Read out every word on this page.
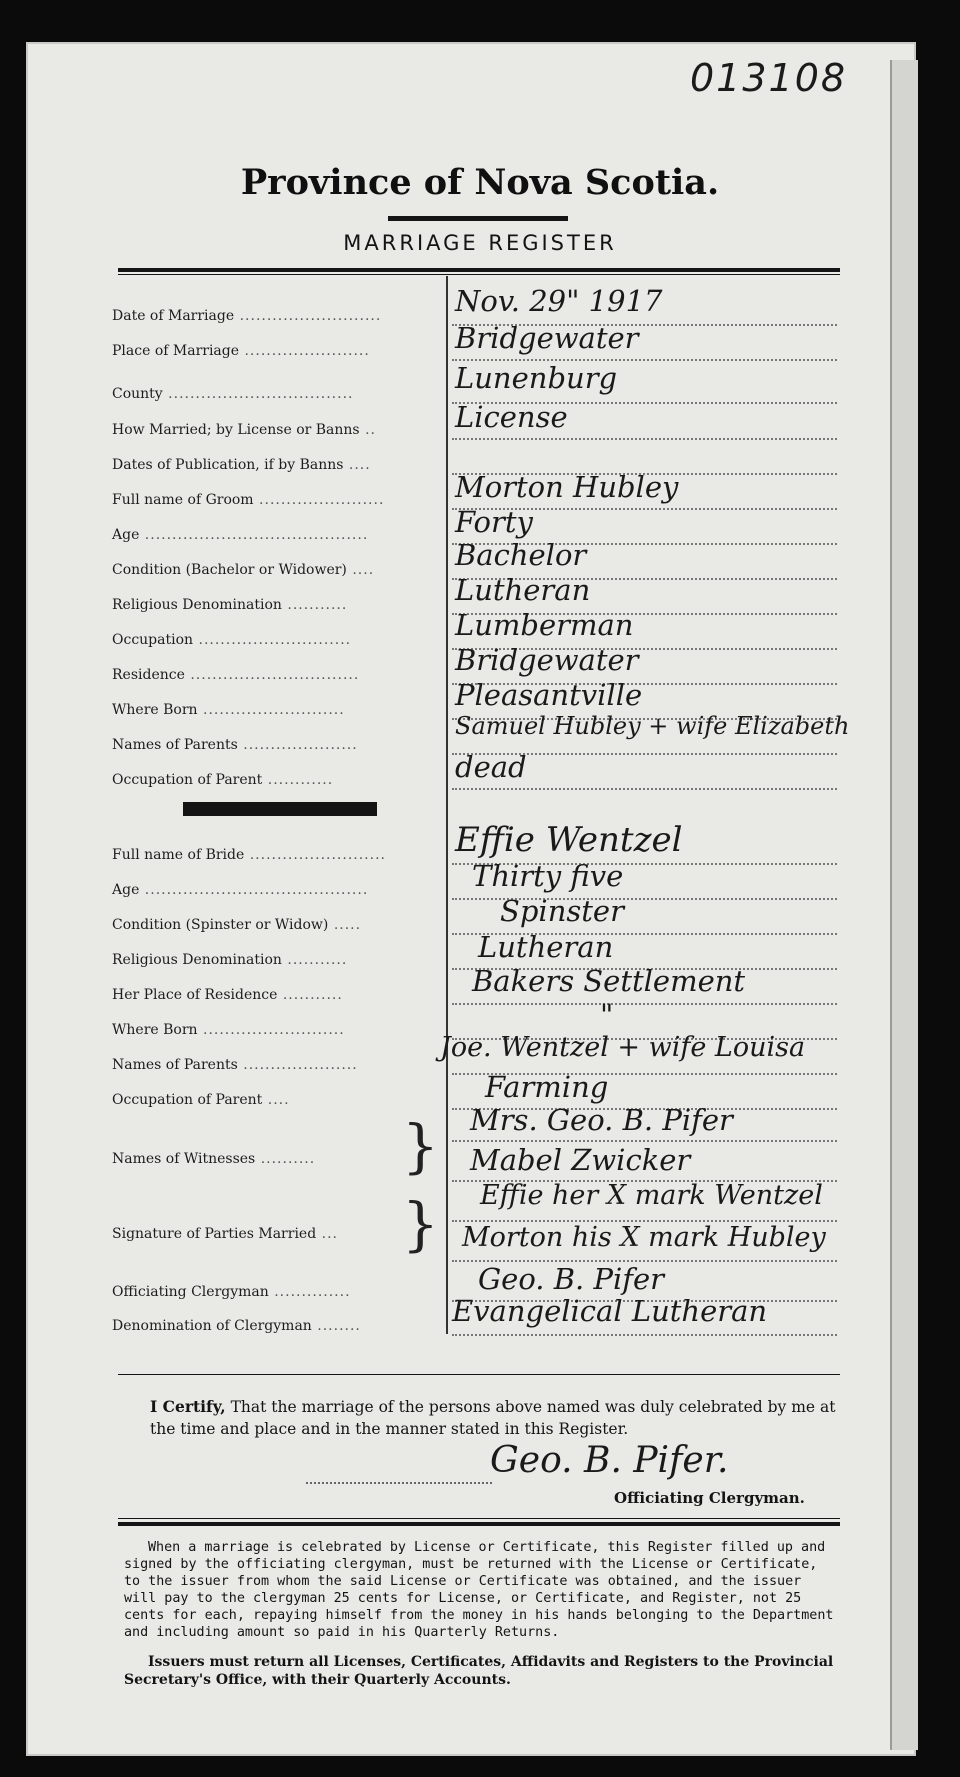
013108
Province of Nova Scotia.
MARRIAGE REGISTER
Date of Marriage ..........................	Nov. 29" 1917
Place of Marriage .......................	Bridgewater
County ..................................	Lunenburg
How Married; by License or Banns ..	License
Dates of Publication, if by Banns ....
Full name of Groom ....................... Morton Hubley
Age .........................................	Forty
Condition (Bachelor or Widower) ....	Bachelor
Religious Denomination ...........	Lutheran
Occupation ............................	Lumberman
Residence ...............................	Bridgewater
Where Born ..........................	Pleasantville
Names of Parents .....................
Samuel Hubley + wife Elizabeth
Occupation of Parent ............	dead
Full name of Bride ......................... Effie Wentzel
Age .........................................	Thirty five
Condition (Spinster or Widow) .....	Spinster
Religious Denomination ...........	Lutheran
Her Place of Residence ...........	Bakers Settlement
Where Born ..........................	"
Names of Parents .....................
Joe. Wentzel + wife Louisa
Occupation of Parent ....	Farming
Names of Witnesses .......... } Mrs. Geo. B. Pifer
Mabel Zwicker
Signature of Parties Married ... } Effie her X mark Wentzel
Morton his X mark Hubley
Officiating Clergyman ..............	Geo. B. Pifer
Denomination of Clergyman ........	Evangelical Lutheran
I Certify, That the marriage of the persons above named was duly celebrated by me at the time and place and in the manner stated in this Register.
Geo. B. Pifer.
Officiating Clergyman.
When a marriage is celebrated by License or Certificate, this Register filled up and signed by the officiating clergyman, must be returned with the License or Certificate, to the issuer from whom the said License or Certificate was obtained, and the issuer will pay to the clergyman 25 cents for License, or Certificate, and Register, not 25 cents for each, repaying himself from the money in his hands belonging to the Department and including amount so paid in his Quarterly Returns.
Issuers must return all Licenses, Certificates, Affidavits and Registers to the Provincial Secretary's Office, with their Quarterly Accounts.
